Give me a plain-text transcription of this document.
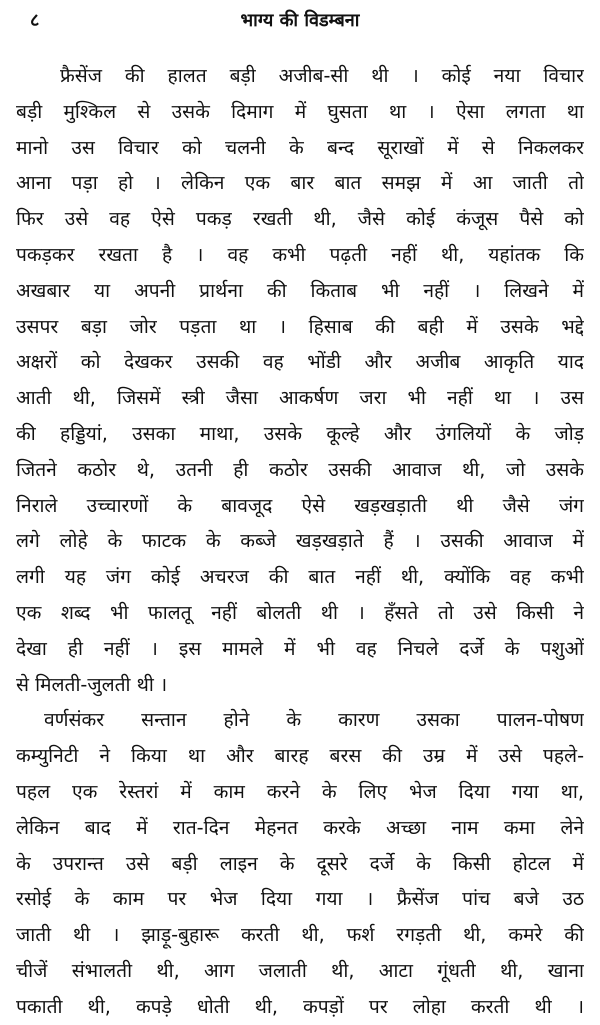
८	भाग्य की विडम्बना
फ्रैसेंज की हालत बड़ी अजीब-सी थी । कोई नया विचार
बड़ी मुश्किल से उसके दिमाग में घुसता था । ऐसा लगता था
मानो उस विचार को चलनी के बन्द सूराखों में से निकलकर
आना पड़ा हो । लेकिन एक बार बात समझ में आ जाती तो
फिर उसे वह ऐसे पकड़ रखती थी, जैसे कोई कंजूस पैसे को
पकड़कर रखता है । वह कभी पढ़ती नहीं थी, यहांतक कि
अखबार या अपनी प्रार्थना की किताब भी नहीं । लिखने में
उसपर बड़ा जोर पड़ता था । हिसाब की बही में उसके भद्दे
अक्षरों को देखकर उसकी वह भोंडी और अजीब आकृति याद
आती थी, जिसमें स्त्री जैसा आकर्षण जरा भी नहीं था । उस
की हड्डियां, उसका माथा, उसके कूल्हे और उंगलियों के जोड़
जितने कठोर थे, उतनी ही कठोर उसकी आवाज थी, जो उसके
निराले उच्चारणों के बावजूद ऐसे खड़खड़ाती थी जैसे जंग
लगे लोहे के फाटक के कब्जे खड़खड़ाते हैं । उसकी आवाज में
लगी यह जंग कोई अचरज की बात नहीं थी, क्योंकि वह कभी
एक शब्द भी फालतू नहीं बोलती थी । हँसते तो उसे किसी ने
देखा ही नहीं । इस मामले में भी वह निचले दर्जे के पशुओं
से मिलती-जुलती थी ।
वर्णसंकर सन्तान होने के कारण उसका पालन-पोषण
कम्युनिटी ने किया था और बारह बरस की उम्र में उसे पहले-
पहल एक रेस्तरां में काम करने के लिए भेज दिया गया था,
लेकिन बाद में रात-दिन मेहनत करके अच्छा नाम कमा लेने
के उपरान्त उसे बड़ी लाइन के दूसरे दर्जे के किसी होटल में
रसोई के काम पर भेज दिया गया । फ्रैसेंज पांच बजे उठ
जाती थी । झाड़ू-बुहारू करती थी, फर्श रगड़ती थी, कमरे की
चीजें संभालती थी, आग जलाती थी, आटा गूंधती थी, खाना
पकाती थी, कपड़े धोती थी, कपड़ों पर लोहा करती थी ।
